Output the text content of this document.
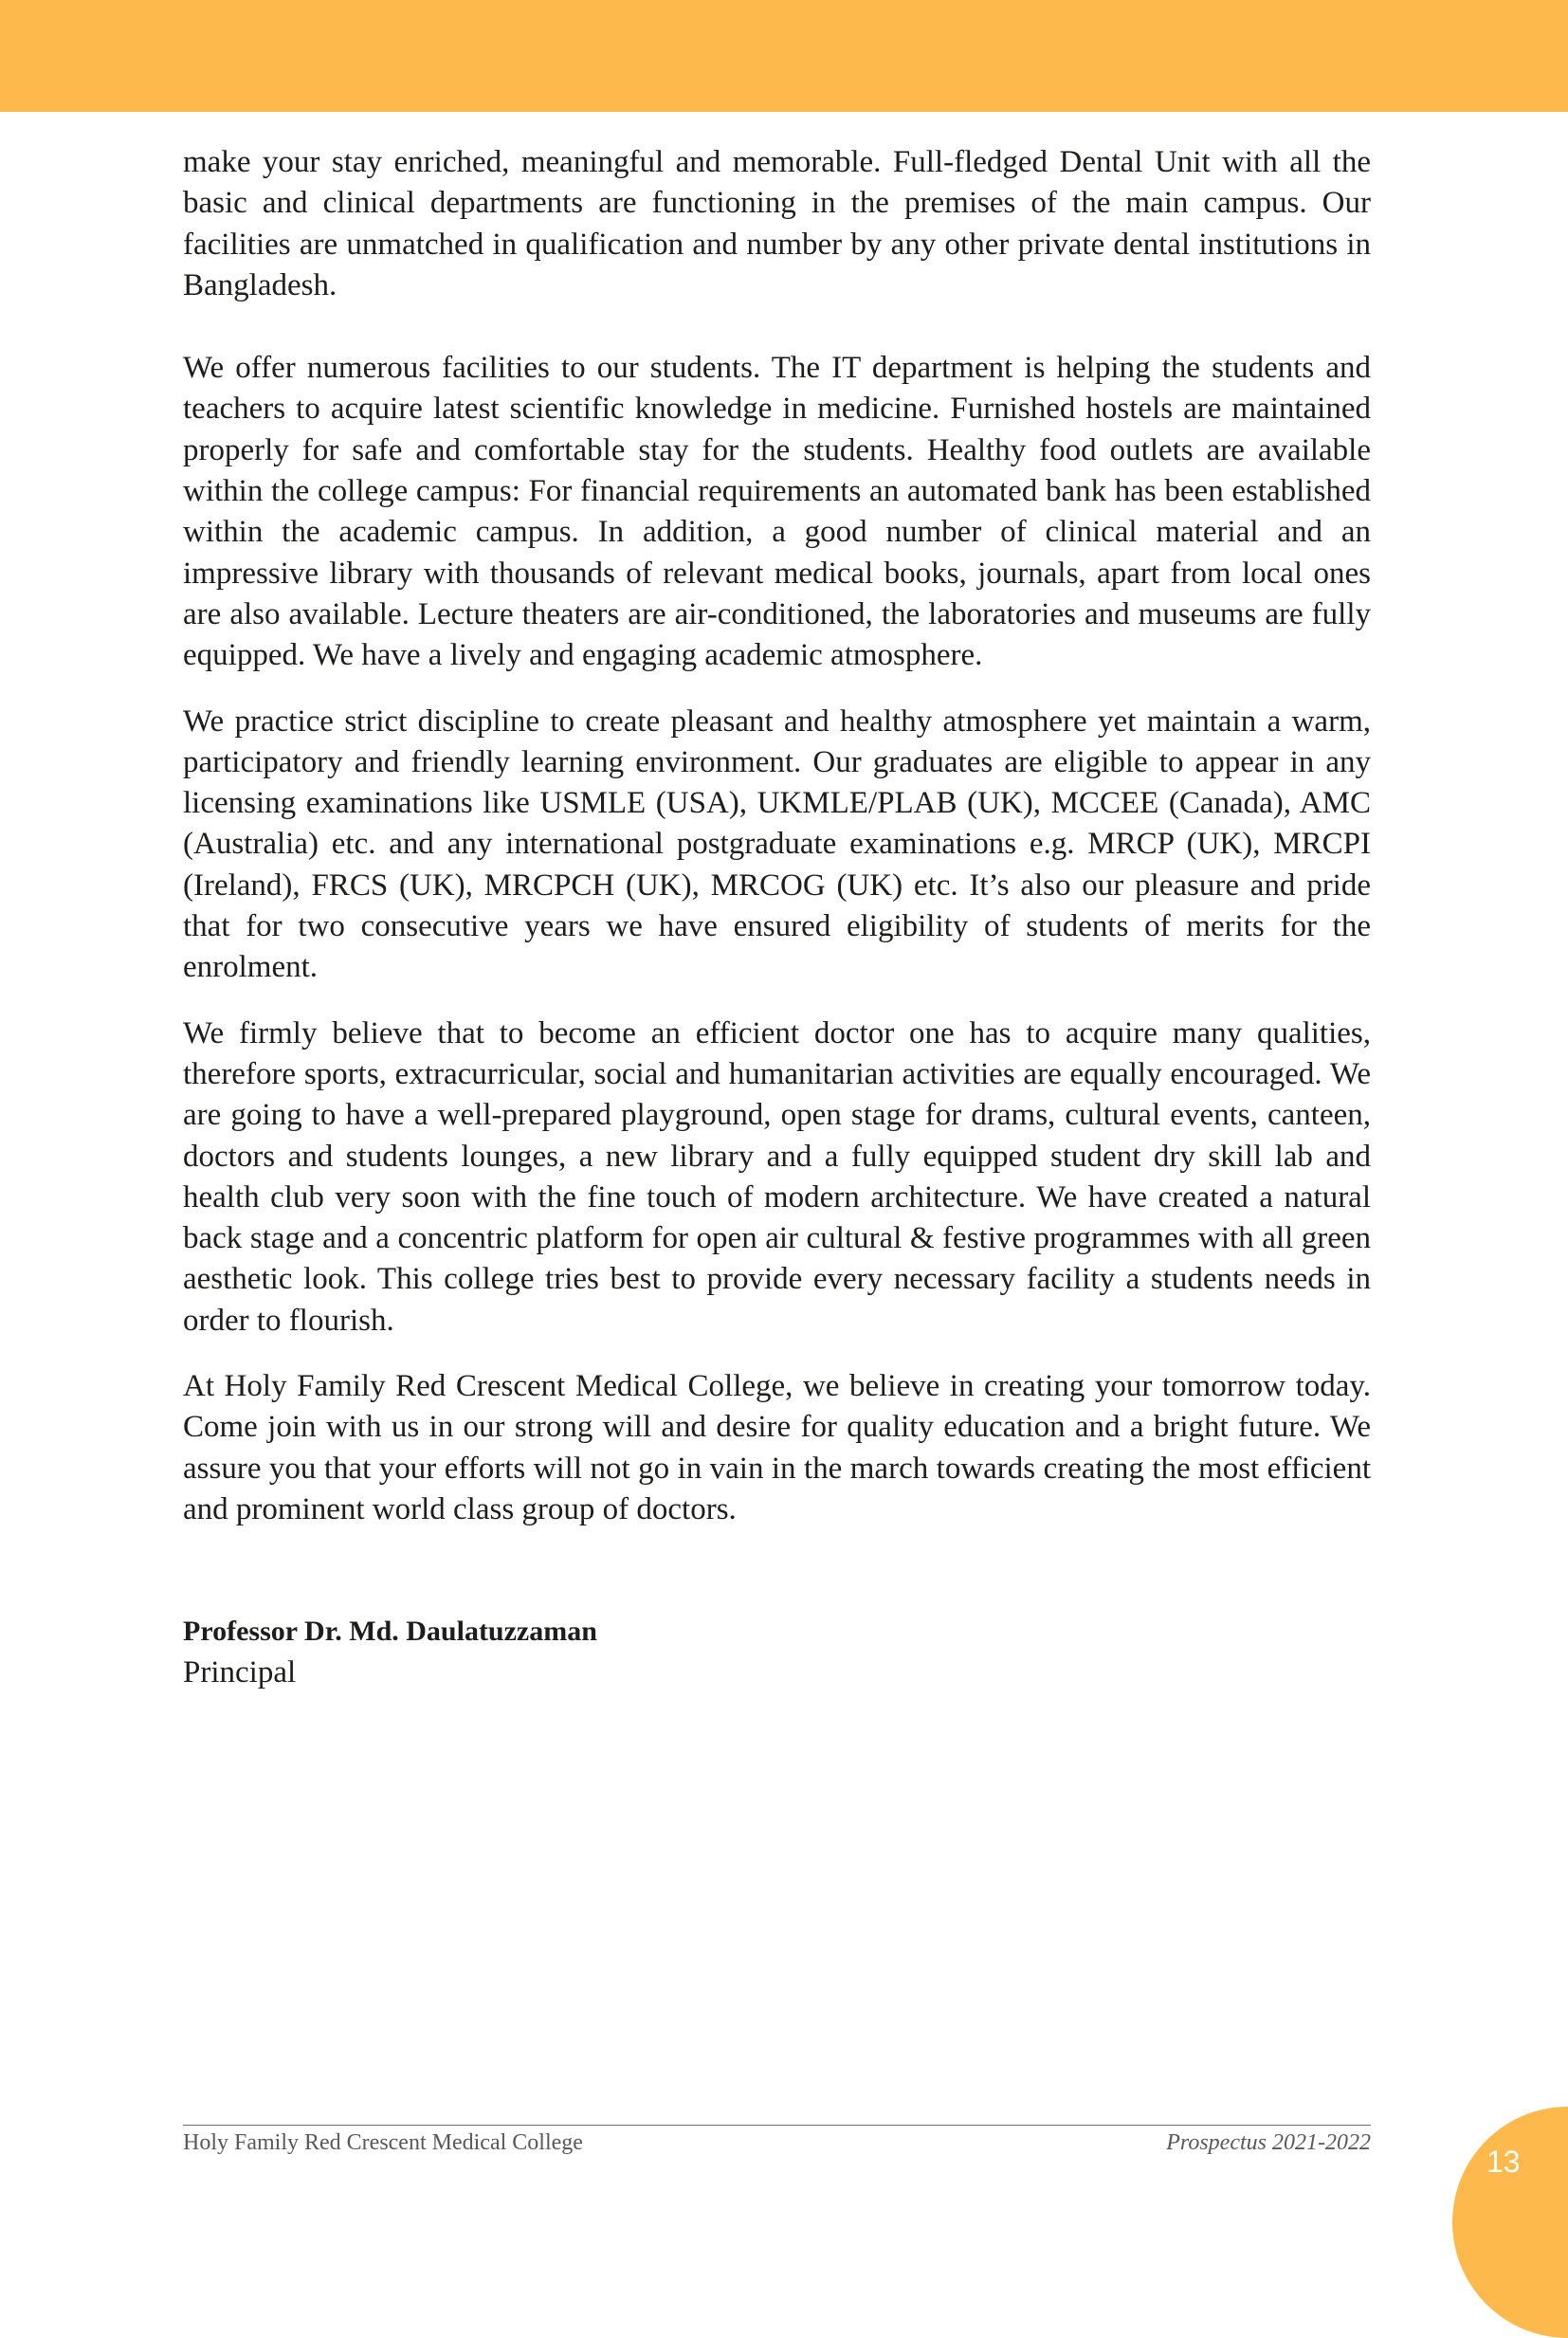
make your stay enriched, meaningful and memorable. Full-fledged Dental Unit with all the basic and clinical departments are functioning in the premises of the main campus. Our facilities are unmatched in qualification and number by any other private dental institutions in Bangladesh.

We offer numerous facilities to our students. The IT department is helping the students and teachers to acquire latest scientific knowledge in medicine. Furnished hostels are maintained properly for safe and comfortable stay for the students. Healthy food outlets are available within the college campus: For financial requirements an automated bank has been established within the academic campus. In addition, a good number of clinical material and an impressive library with thousands of relevant medical books, journals, apart from local ones are also available. Lecture theaters are air-conditioned, the laboratories and museums are fully equipped. We have a lively and engaging academic atmosphere.

We practice strict discipline to create pleasant and healthy atmosphere yet maintain a warm, participatory and friendly learning environment. Our graduates are eligible to appear in any licensing examinations like USMLE (USA), UKMLE/PLAB (UK), MCCEE (Canada), AMC (Australia) etc. and any international postgraduate examinations e.g. MRCP (UK), MRCPI (Ireland), FRCS (UK), MRCPCH (UK), MRCOG (UK) etc. It’s also our pleasure and pride that for two consecutive years we have ensured eligibility of students of merits for the enrolment.

We firmly believe that to become an efficient doctor one has to acquire many qualities, therefore sports, extracurricular, social and humanitarian activities are equally encouraged. We are going to have a well-prepared playground, open stage for drams, cultural events, canteen, doctors and students lounges, a new library and a fully equipped student dry skill lab and health club very soon with the fine touch of modern architecture. We have created a natural back stage and a concentric platform for open air cultural & festive programmes with all green aesthetic look. This college tries best to provide every necessary facility a students needs in order to flourish.

At Holy Family Red Crescent Medical College, we believe in creating your tomorrow today. Come join with us in our strong will and desire for quality education and a bright future. We assure you that your efforts will not go in vain in the march towards creating the most efficient and prominent world class group of doctors.

Professor Dr. Md. Daulatuzzaman
Principal
Holy Family Red Crescent Medical College	Prospectus 2021-2022
13
